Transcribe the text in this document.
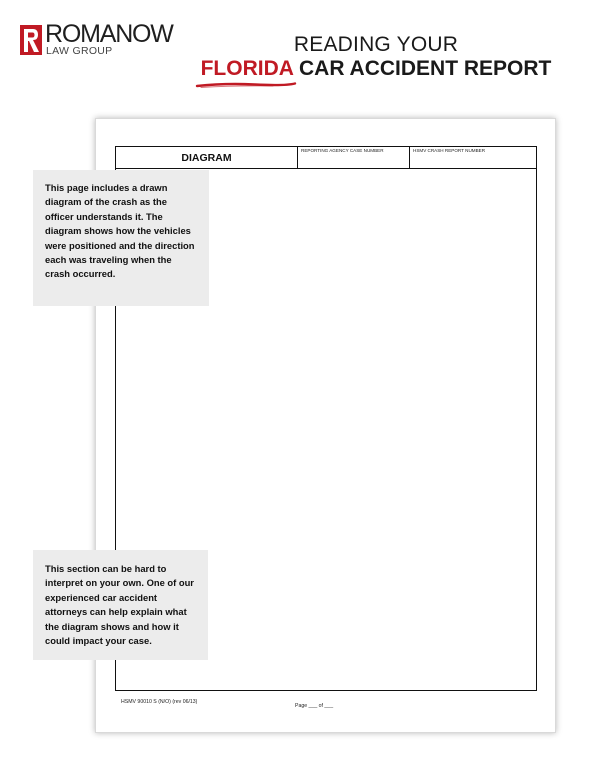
ROMANOW
LAW GROUP	READING YOUR
FLORIDA CAR ACCIDENT REPORT
DIAGRAM
REPORTING AGENCY CASE NUMBER	HSMV CRASH REPORT NUMBER
HSMV 90010 S (N/O) (rev 06/13)
Page ___ of ___
This page includes a drawn diagram of the crash as the officer understands it. The diagram shows how the vehicles were positioned and the direction each was traveling when the crash occurred.
This section can be hard to interpret on your own. One of our experienced car accident attorneys can help explain what the diagram shows and how it could impact your case.
